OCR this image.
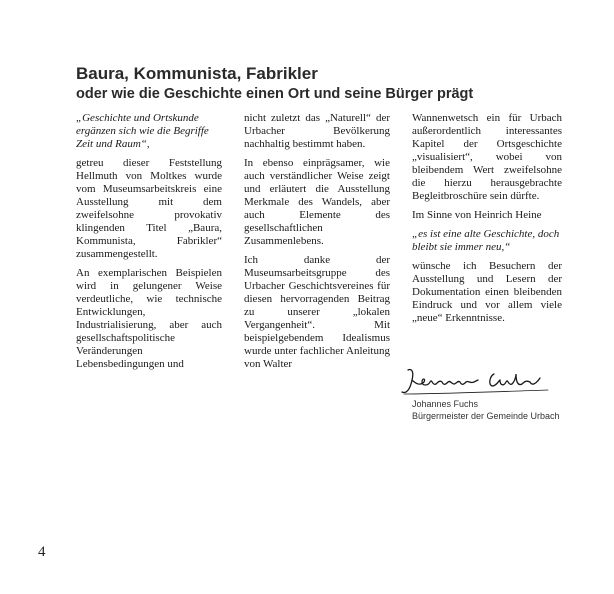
Baura, Kommunista, Fabrikler
oder wie die Geschichte einen Ort und seine Bürger prägt

„Geschichte und Ortskunde ergänzen sich wie die Begriffe Zeit und Raum“,

getreu dieser Feststellung Hellmuth von Moltkes wurde vom Museumsarbeitskreis eine Ausstellung mit dem zweifelsohne provokativ klingenden Titel „Baura, Kommunista, Fabrikler“ zusammengestellt.

An exemplarischen Beispielen wird in gelungener Weise verdeutliche, wie technische Entwicklungen, Industrialisierung, aber auch gesellschaftspolitische Veränderungen Lebensbedingungen und

nicht zuletzt das „Naturell“ der Urbacher Bevölkerung nachhaltig bestimmt haben.

In ebenso einprägsamer, wie auch verständlicher Weise zeigt und erläutert die Ausstellung Merkmale des Wandels, aber auch Elemente des gesellschaftlichen Zusammenlebens.

Ich danke der Museumsarbeitsgruppe des Urbacher Geschichtsvereines für diesen hervorragenden Beitrag zu unserer „lokalen Vergangenheit“. Mit beispielgebendem Idealismus wurde unter fachlicher Anleitung von Walter

Wannenwetsch ein für Urbach außerordentlich interessantes Kapitel der Ortsgeschichte „visualisiert“, wobei von bleibendem Wert zweifelsohne die hierzu herausgebrachte Begleitbroschüre sein dürfte.

Im Sinne von Heinrich Heine

„es ist eine alte Geschichte, doch bleibt sie immer neu,“

wünsche ich Besuchern der Ausstellung und Lesern der Dokumentation einen bleibenden Eindruck und vor allem viele „neue“ Erkenntnisse.

Johannes Fuchs
Bürgermeister der Gemeinde Urbach
4
